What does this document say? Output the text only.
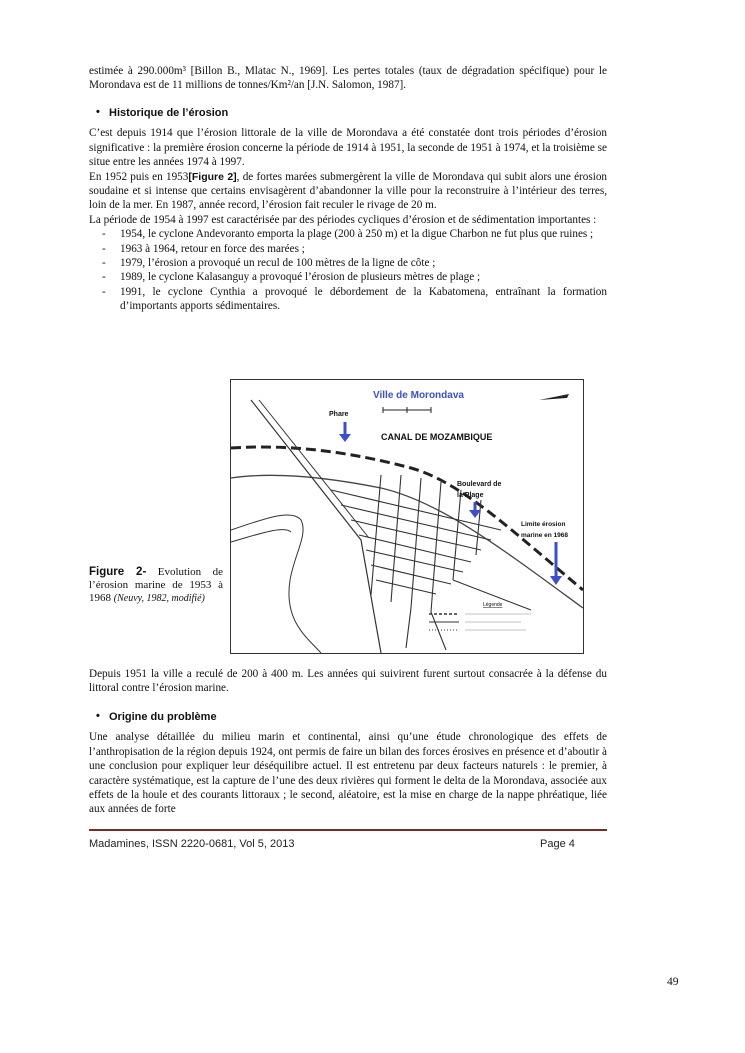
estimée à 290.000m³ [Billon B., Mlatac N., 1969]. Les pertes totales (taux de dégradation spécifique) pour le Morondava est de 11 millions de tonnes/Km²/an [J.N. Salomon, 1987].

• Historique de l’érosion

C’est depuis 1914 que l’érosion littorale de la ville de Morondava a été constatée dont trois périodes d’érosion significative : la première érosion concerne la période de 1914 à 1951, la seconde de 1951 à 1974, et la troisième se situe entre les années 1974 à 1997.

En 1952 puis en 1953[Figure 2], de fortes marées submergèrent la ville de Morondava qui subit alors une érosion soudaine et si intense que certains envisagèrent d’abandonner la ville pour la reconstruire à l’intérieur des terres, loin de la mer. En 1987, année record, l’érosion fait reculer le rivage de 20 m.

La période de 1954 à 1997 est caractérisée par des périodes cycliques d’érosion et de sédimentation importantes :

- 1954, le cyclone Andevoranto emporta la plage (200 à 250 m) et la digue Charbon ne fut plus que ruines ;
- 1963 à 1964, retour en force des marées ;
- 1979, l’érosion a provoqué un recul de 100 mètres de la ligne de côte ;
- 1989, le cyclone Kalasanguy a provoqué l’érosion de plusieurs mètres de plage ;
- 1991, le cyclone Cynthia a provoqué le débordement de la Kabatomena, entraînant la formation d’importants apports sédimentaires.
Figure 2- Evolution de l’érosion marine de 1953 à 1968 (Neuvy, 1982, modifié)
Ville de Morondava
CANAL DE MOZAMBIQUE
Phare
Boulevard de
la Plage
Limite érosion
marine en 1968
Légende

Depuis 1951 la ville a reculé de 200 à 400 m. Les années qui suivirent furent surtout consacrée à la défense du littoral contre l’érosion marine.

• Origine du problème

Une analyse détaillée du milieu marin et continental, ainsi qu’une étude chronologique des effets de l’anthropisation de la région depuis 1924, ont permis de faire un bilan des forces érosives en présence et d’aboutir à une conclusion pour expliquer leur déséquilibre actuel. Il est entretenu par deux facteurs naturels : le premier, à caractère systématique, est la capture de l’une des deux rivières qui forment le delta de la Morondava, associée aux effets de la houle et des courants littoraux ; le second, aléatoire, est la mise en charge de la nappe phréatique, liée aux années de forte

Madamines, ISSN 2220-0681, Vol 5, 2013	Page 4
49
